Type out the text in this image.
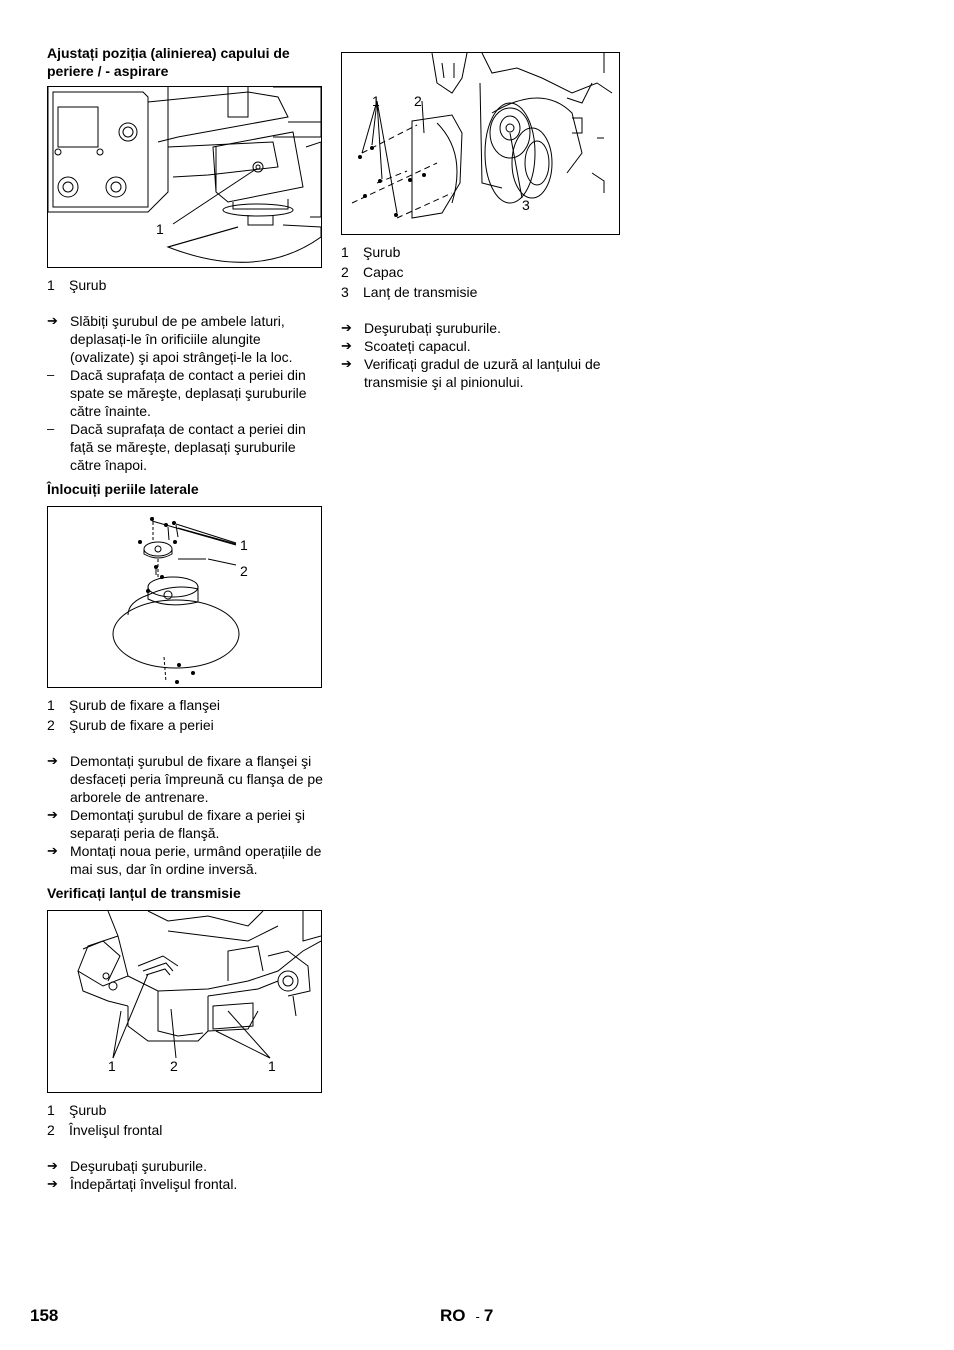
Ajustați poziția (alinierea) capului de periere / - aspirare
1
1	Şurub
➔ Slăbiți şurubul de pe ambele laturi, deplasați-le în orificiile alungite (ovalizate) şi apoi strângeți-le la loc.
–	Dacă suprafața de contact a periei din spate se măreşte, deplasați şuruburile către înainte.
–	Dacă suprafața de contact a periei din față se măreşte, deplasați şuruburile către înapoi.
Înlocuiți periile laterale
1
2
1	Şurub de fixare a flanşei
2	Şurub de fixare a periei
➔ Demontați şurubul de fixare a flanşei şi desfaceți peria împreună cu flanşa de pe arborele de antrenare.
➔ Demontați şurubul de fixare a periei şi separați peria de flanşă.
➔ Montați noua perie, urmând operațiile de mai sus, dar în ordine inversă.
Verificați lanțul de transmisie
1	2	1
1	Şurub
2	Învelişul frontal
➔ Deşurubați şuruburile.
➔ Îndepărtați învelişul frontal.
1 2
3
1	Şurub
2	Capac
3	Lanț de transmisie
➔ Deşurubați şuruburile.
➔ Scoateți capacul.
➔ Verificați gradul de uzură al lanțului de transmisie şi al pinionului.
158	RO - 7
